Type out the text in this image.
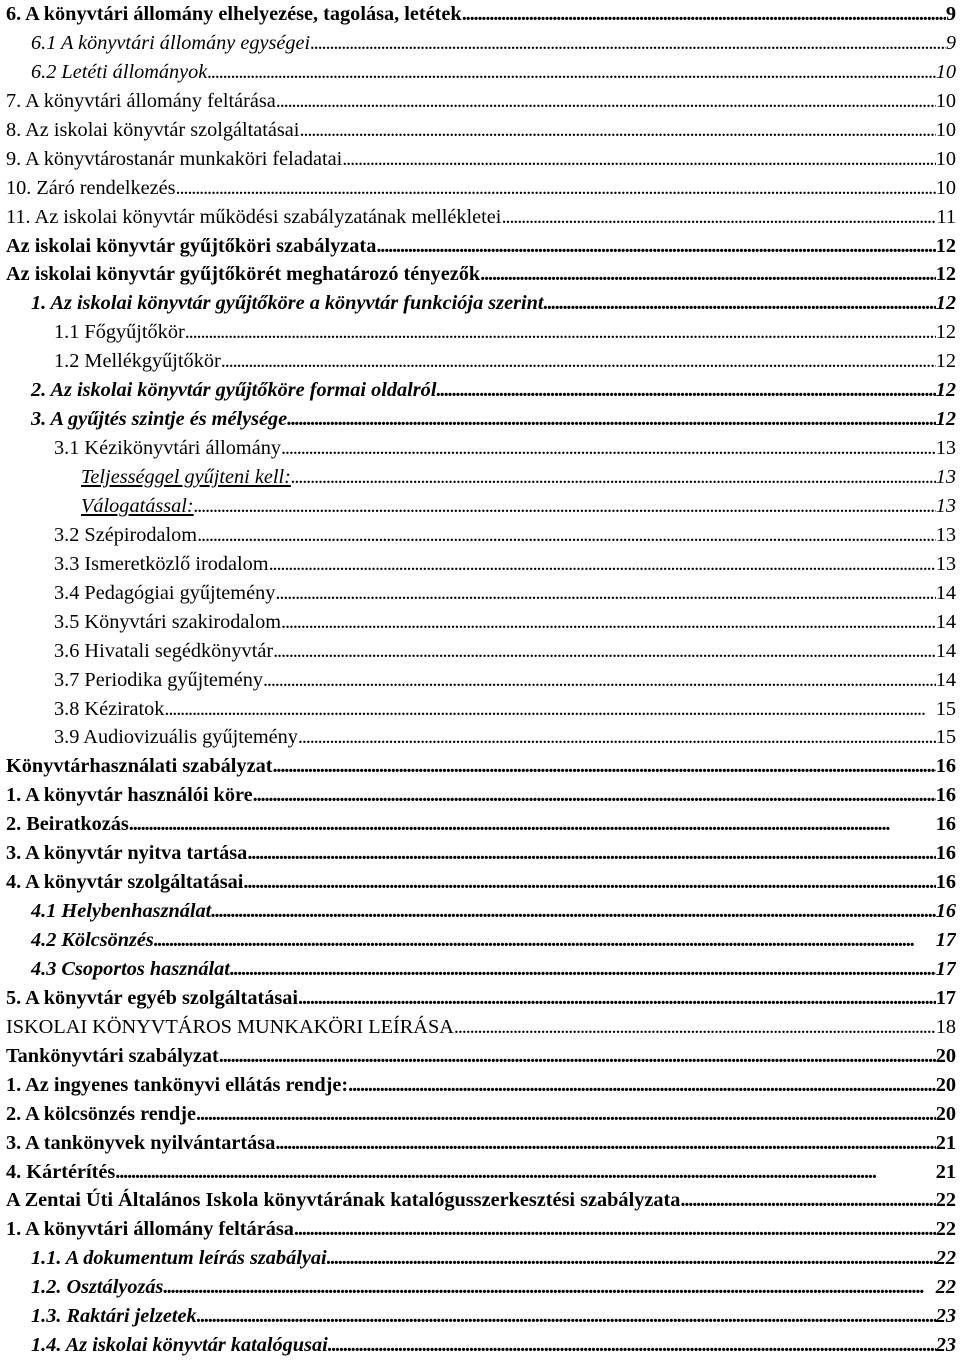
6. A könyvtári állomány elhelyezése, tagolása, letétek . . .	9
6.1 A könyvtári állomány egységei . . .	9
6.2 Letéti állományok . . .	10
7. A könyvtári állomány feltárása . . .	10
8. Az iskolai könyvtár szolgáltatásai . . .	10
9. A könyvtárostanár munkaköri feladatai . . .	10
10. Záró rendelkezés . . .	10
11. Az iskolai könyvtár működési szabályzatának mellékletei . . .	11
Az iskolai könyvtár gyűjtőköri szabályzata . . .	12
Az iskolai könyvtár gyűjtőkörét meghatározó tényezők . . .	12
1. Az iskolai könyvtár gyűjtőköre a könyvtár funkciója szerint . . .	12
1.1 Főgyűjtőkör . . .	12
1.2 Mellékgyűjtőkör . . .	12
2. Az iskolai könyvtár gyűjtőköre formai oldalról . . .	12
3. A gyűjtés szintje és mélysége . . .	12
3.1 Kézikönyvtári állomány . . .	13
Teljességgel gyűjteni kell: . . .	13
Válogatással: . . .	13
3.2 Szépirodalom . . .	13
3.3 Ismeretközlő irodalom . . .	13
3.4 Pedagógiai gyűjtemény . . .	14
3.5 Könyvtári szakirodalom . . .	14
3.6 Hivatali segédkönyvtár . . .	14
3.7 Periodika gyűjtemény . . .	14
3.8 Kéziratok . . .	15
3.9 Audiovizuális gyűjtemény . . .	15
Könyvtárhasználati szabályzat . . .	16
1. A könyvtár használói köre . . .	16
2. Beiratkozás . . .	16
3. A könyvtár nyitva tartása . . .	16
4. A könyvtár szolgáltatásai . . .	16
4.1 Helybenhasználat . . .	16
4.2 Kölcsönzés . . .	17
4.3 Csoportos használat . . .	17
5. A könyvtár egyéb szolgáltatásai . . .	17
ISKOLAI KÖNYVTÁROS MUNKAKÖRI LEÍRÁSA . . .	18
Tankönyvtári szabályzat . . .	20
1. Az ingyenes tankönyvi ellátás rendje: . . .	20
2. A kölcsönzés rendje . . .	20
3. A tankönyvek nyilvántartása . . .	21
4. Kártérítés . . .	21
A Zentai Úti Általános Iskola könyvtárának katalógusszerkesztési szabályzata . . .	22
1. A könyvtári állomány feltárása . . .	22
1.1. A dokumentum leírás szabályai . . .	22
1.2. Osztályozás . . .	22
1.3. Raktári jelzetek . . .	23
1.4. Az iskolai könyvtár katalógusai . . .	23
